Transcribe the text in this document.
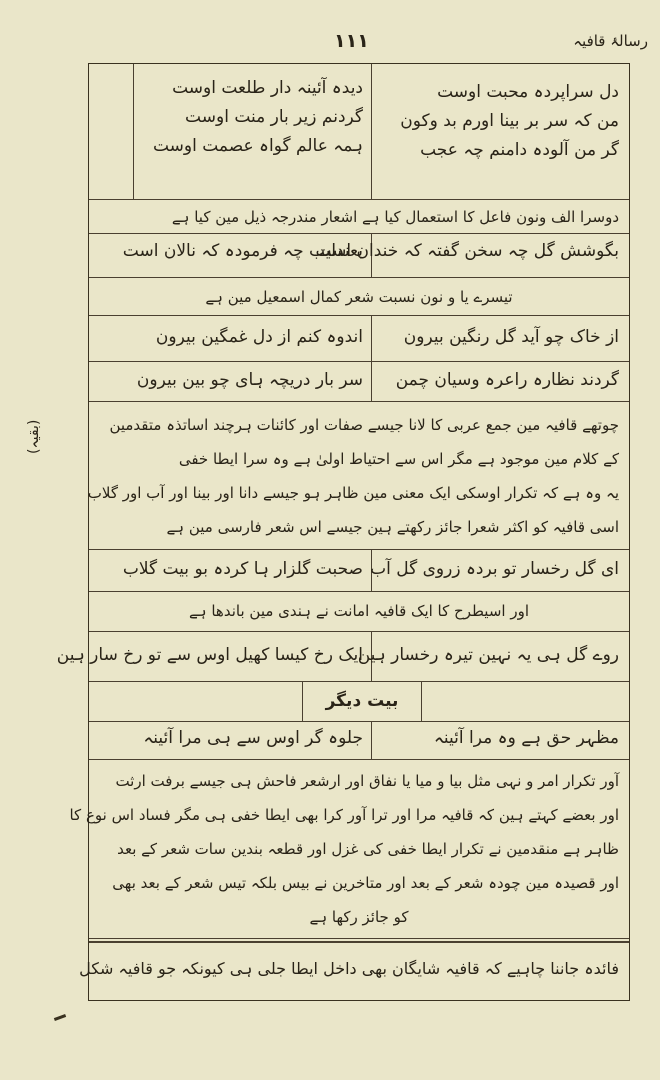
رسالۂ قافیہ
۱۱۱
(بقیہ)
دل سراپردہ محبت اوست
من کہ سر بر بینا اورم بد وکون
گر من آلودہ دامنم چہ عجب
دیدہ آئینہ دار طلعت اوست
گردنم زیر بار منت اوست
ہمہ عالم گواہ عصمت اوست
دوسرا الف ونون فاعل کا استعمال کیا ہے اشعار مندرجہ ذیل مین کیا ہے
بگوشش گل چہ سخن گفتہ کہ خندان است
بعندلیب چہ فرمودہ کہ نالان است
تیسرے یا و نون نسبت شعر کمال اسمعیل مین ہے
از خاک چو آید گل رنگین بیرون
اندوہ کنم از دل غمگین بیرون
گردند نظارہ راعرہ وسیان چمن
سر بار دریچہ ہای چو بین بیرون
چوتھے قافیہ مین جمع عربی کا لانا جیسے صفات اور کائنات ہرچند اساتذہ متقدمین
کے کلام مین موجود ہے مگر اس سے احتیاط اولیٰ ہے وہ سرا ایطا خفی
یہ وہ ہے کہ تکرار اوسکی ایک معنی مین ظاہر ہو جیسے دانا اور بینا اور آب اور گلاب
اسی قافیہ کو اکثر شعرا جائز رکھتے ہین جیسے اس شعر فارسی مین ہے
ای گل رخسار تو بردہ زروی گل آب
صحبت گلزار ہا کردہ بو بیت گلاب
اور اسیطرح کا ایک قافیہ امانت نے ہندی مین باندھا ہے
روے گل ہی یہ نہین تیرہ رخسار ہین
ایک رخ کیسا کھیل اوس سے تو رخ سار ہین
بیت دیگر
مظہر حق ہے وہ مرا آئینہ
جلوہ گر اوس سے ہی مرا آئینہ
آور تکرار امر و نہی مثل بیا و میا یا نفاق اور ارشعر فاحش ہی جیسے برفت ارثت
اور بعضے کہتے ہین کہ قافیہ مرا اور ترا آور کرا بھی ایطا خفی ہی مگر فساد اس نوع کا
ظاہر ہے منقدمین نے تکرار ایطا خفی کی غزل اور قطعہ بندین سات شعر کے بعد
اور قصیدہ مین چودہ شعر کے بعد اور متاخرین نے بیس بلکہ تیس شعر کے بعد بھی
کو جائز رکھا ہے
فائدہ جاننا چاہیے کہ قافیہ شایگان بھی داخل ایطا جلی ہی کیونکہ جو قافیہ شکل
